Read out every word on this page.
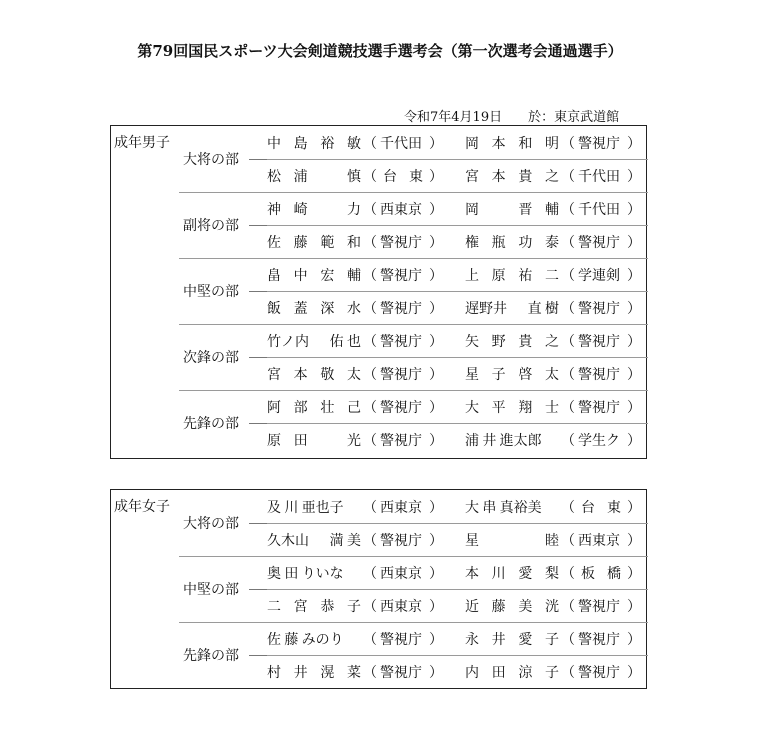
第79回国民スポーツ大会剣道競技選手選考会（第一次選考会通過選手）
令和7年4月19日 於：東京武道館
成年男子
大将の部
中 島 裕 敏 （ 千代田 ） 岡 本 和 明 （ 警視庁 ）
松 浦	慎 （ 台 東 ） 宮 本 貴 之 （ 千代田 ）
副将の部
神 崎	力 （ 西東京 ） 岡	晋 輔 （ 千代田 ）
佐 藤 範 和 （ 警視庁 ） 権 瓶 功 泰 （ 警視庁 ）
中堅の部
畠 中 宏 輔 （ 警視庁 ） 上 原 祐 二 （ 学連剣 ）
飯 蓋 深 水 （ 警視庁 ） 遅野井 直 樹 （ 警視庁 ）
次鋒の部
竹ノ内 佑 也 （ 警視庁 ） 矢 野 貴 之 （ 警視庁 ）
宮 本 敬 太 （ 警視庁 ） 星 子 啓 太 （ 警視庁 ）
先鋒の部
阿 部 壮 己 （ 警視庁 ） 大 平 翔 士 （ 警視庁 ）
原 田	光 （ 警視庁 ） 浦 井 進太郎 （ 学生ク ）
成年女子
大将の部
及 川 亜也子 （ 西東京 ） 大 串 真裕美 （ 台 東 ）
久木山 満 美 （ 警視庁 ） 星	睦 （ 西東京 ）
中堅の部
奥 田 りいな （ 西東京 ） 本 川 愛 梨 （ 板 橋 ）
二 宮 恭 子 （ 西東京 ） 近 藤 美 洸 （ 警視庁 ）
先鋒の部
佐 藤 みのり （ 警視庁 ） 永 井 愛 子 （ 警視庁 ）
村 井 滉 菜 （ 警視庁 ） 内 田 涼 子 （ 警視庁 ）
